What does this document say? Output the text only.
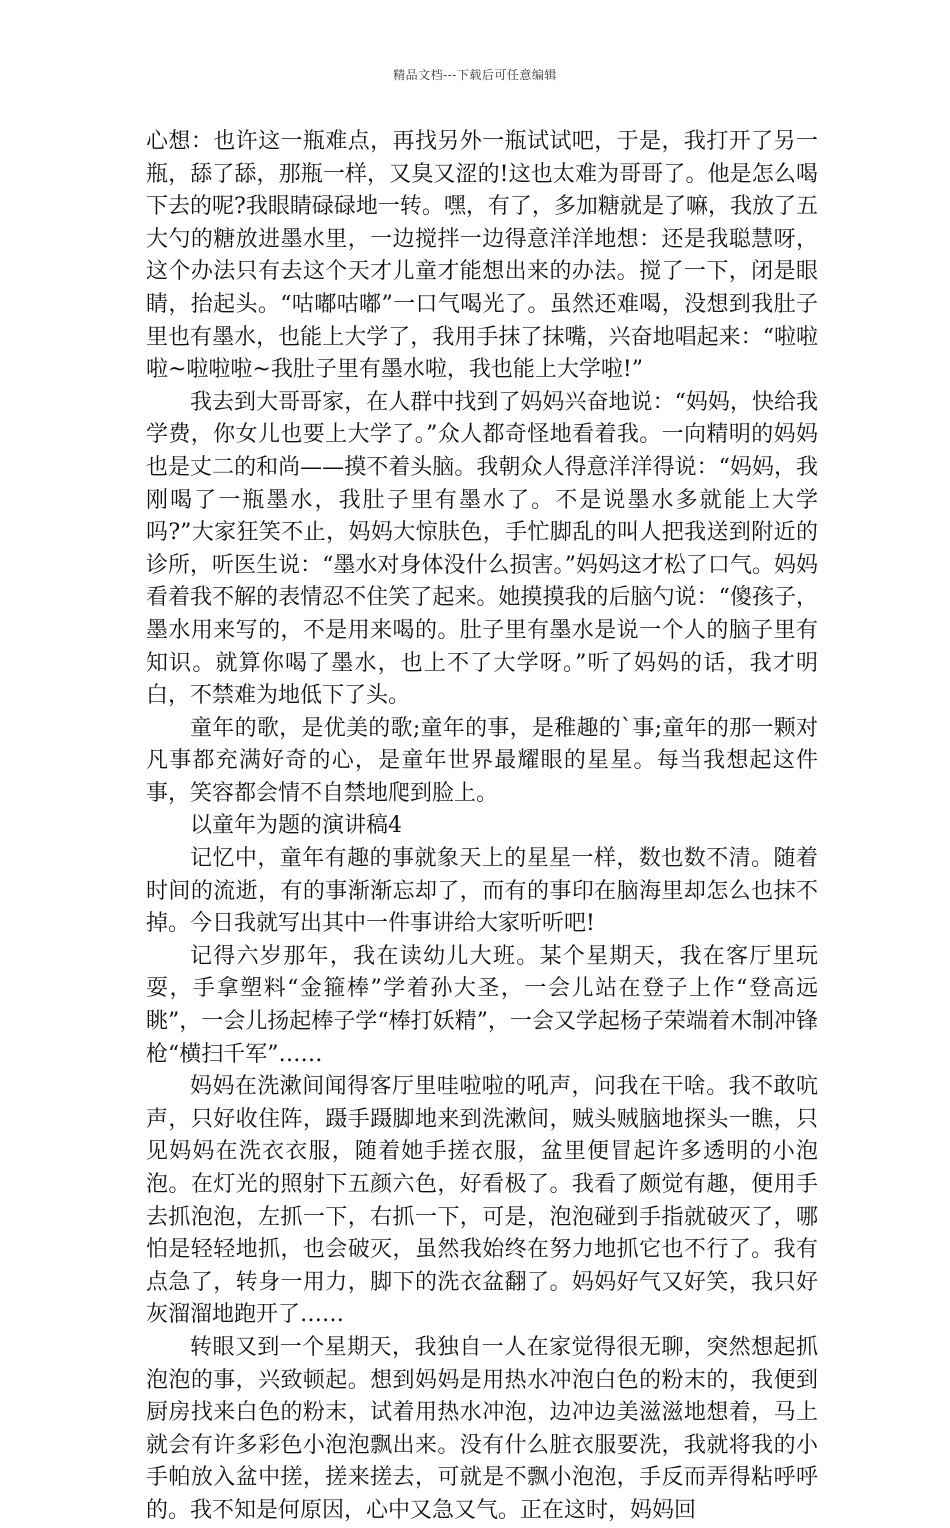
精品文档---下载后可任意编辑

心想：也许这一瓶难点，再找另外一瓶试试吧，于是，我打开了另一瓶，舔了舔，那瓶一样，又臭又涩的!这也太难为哥哥了。他是怎么喝下去的呢?我眼睛碌碌地一转。嘿，有了，多加糖就是了嘛，我放了五大勺的糖放进墨水里，一边搅拌一边得意洋洋地想：还是我聪慧呀，这个办法只有去这个天才儿童才能想出来的办法。搅了一下，闭是眼睛，抬起头。“咕嘟咕嘟”一口气喝光了。虽然还难喝，没想到我肚子里也有墨水，也能上大学了，我用手抹了抹嘴，兴奋地唱起来：“啦啦啦~啦啦啦~我肚子里有墨水啦，我也能上大学啦!”

我去到大哥哥家，在人群中找到了妈妈兴奋地说：“妈妈，快给我学费，你女儿也要上大学了。”众人都奇怪地看着我。一向精明的妈妈也是丈二的和尚——摸不着头脑。我朝众人得意洋洋得说：“妈妈，我刚喝了一瓶墨水，我肚子里有墨水了。不是说墨水多就能上大学吗?”大家狂笑不止，妈妈大惊肤色，手忙脚乱的叫人把我送到附近的诊所，听医生说：“墨水对身体没什么损害。”妈妈这才松了口气。妈妈看着我不解的表情忍不住笑了起来。她摸摸我的后脑勺说：“傻孩子，墨水用来写的，不是用来喝的。肚子里有墨水是说一个人的脑子里有知识。就算你喝了墨水，也上不了大学呀。”听了妈妈的话，我才明白，不禁难为地低下了头。

童年的歌，是优美的歌;童年的事，是稚趣的`事;童年的那一颗对凡事都充满好奇的心，是童年世界最耀眼的星星。每当我想起这件事，笑容都会情不自禁地爬到脸上。

以童年为题的演讲稿4

记忆中，童年有趣的事就象天上的星星一样，数也数不清。随着时间的流逝，有的事渐渐忘却了，而有的事印在脑海里却怎么也抹不掉。今日我就写出其中一件事讲给大家听听吧!

记得六岁那年，我在读幼儿大班。某个星期天，我在客厅里玩耍，手拿塑料“金箍棒”学着孙大圣，一会儿站在登子上作“登高远眺”，一会儿扬起棒子学“棒打妖精”，一会又学起杨子荣端着木制冲锋枪“横扫千军”……

妈妈在洗漱间闻得客厅里哇啦啦的吼声，问我在干啥。我不敢吭声，只好收住阵，蹑手蹑脚地来到洗漱间，贼头贼脑地探头一瞧，只见妈妈在洗衣衣服，随着她手搓衣服，盆里便冒起许多透明的小泡泡。在灯光的照射下五颜六色，好看极了。我看了颇觉有趣，便用手去抓泡泡，左抓一下，右抓一下，可是，泡泡碰到手指就破灭了，哪怕是轻轻地抓，也会破灭，虽然我始终在努力地抓它也不行了。我有点急了，转身一用力，脚下的洗衣盆翻了。妈妈好气又好笑，我只好灰溜溜地跑开了……

转眼又到一个星期天，我独自一人在家觉得很无聊，突然想起抓泡泡的事，兴致顿起。想到妈妈是用热水冲泡白色的粉末的，我便到厨房找来白色的粉末，试着用热水冲泡，边冲边美滋滋地想着，马上就会有许多彩色小泡泡飘出来。没有什么脏衣服要洗，我就将我的小手帕放入盆中搓，搓来搓去，可就是不飘小泡泡，手反而弄得粘呼呼的。我不知是何原因，心中又急又气。正在这时，妈妈回
